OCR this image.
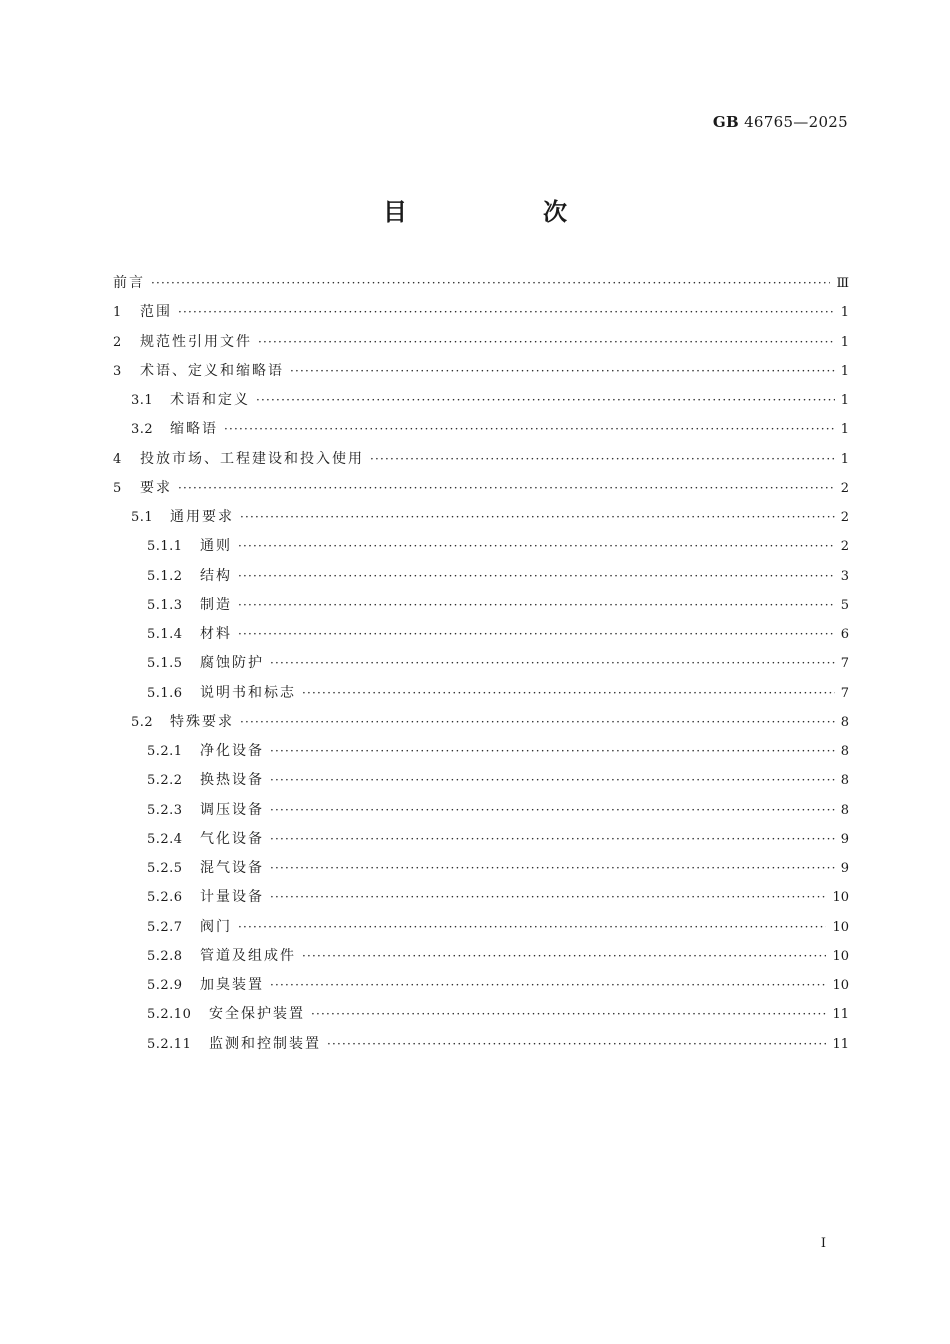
GB 46765—2025
目　次
前言 ·····	Ⅲ
1	范围 ·····	1
2	规范性引用文件 ·····	1
3	术语、定义和缩略语 ·····	1
3.1	术语和定义 ·····	1
3.2	缩略语 ·····	1
4	投放市场、工程建设和投入使用 ·····	1
5	要求 ·····	2
5.1	通用要求 ·····	2
5.1.1	通则 ·····	2
5.1.2	结构 ·····	3
5.1.3	制造 ·····	5
5.1.4	材料 ·····	6
5.1.5	腐蚀防护 ·····	7
5.1.6	说明书和标志 ·····	7
5.2	特殊要求 ·····	8
5.2.1	净化设备 ·····	8
5.2.2	换热设备 ·····	8
5.2.3	调压设备 ·····	8
5.2.4	气化设备 ·····	9
5.2.5	混气设备 ·····	9
5.2.6	计量设备 ·····	10
5.2.7	阀门 ·····	10
5.2.8	管道及组成件 ·····	10
5.2.9	加臭装置 ·····	10
5.2.10	安全保护装置 ·····	11
5.2.11	监测和控制装置 ·····	11
I
